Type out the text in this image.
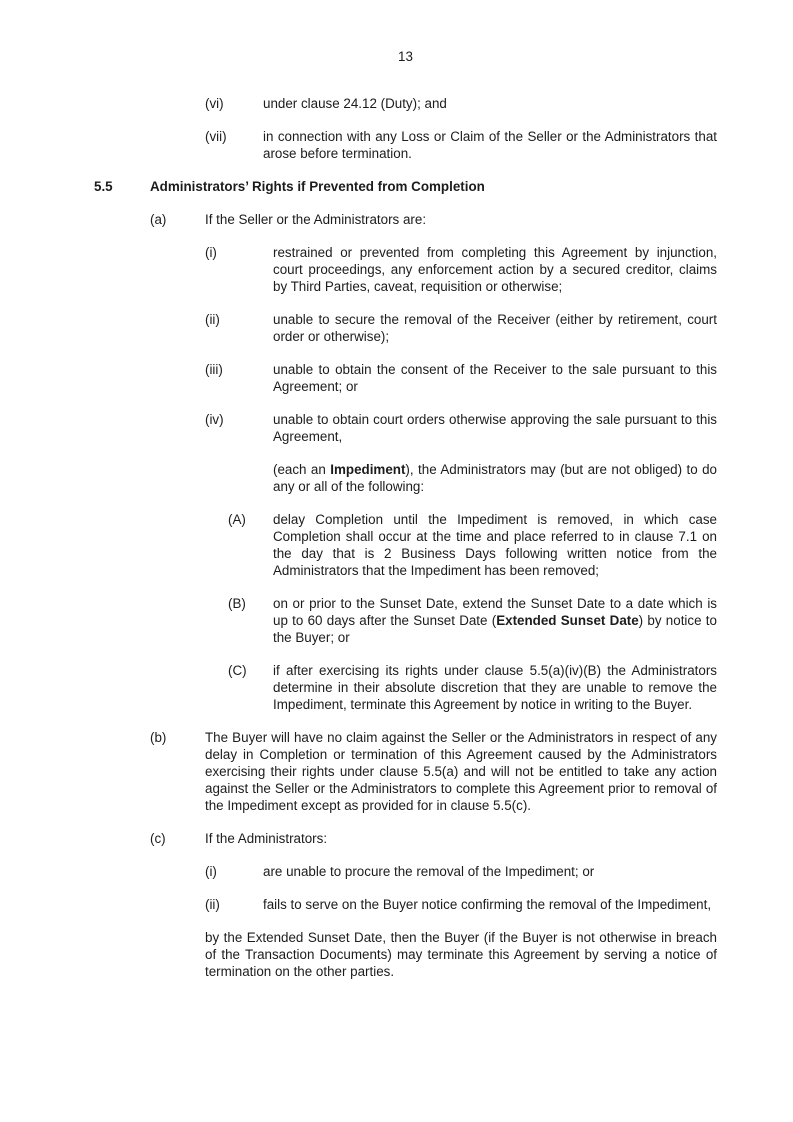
13
(vi)	under clause 24.12 (Duty); and

(vii)	in connection with any Loss or Claim of the Seller or the Administrators that arose before termination.

5.5	Administrators’ Rights if Prevented from Completion

(a)	If the Seller or the Administrators are:

(i)	restrained or prevented from completing this Agreement by injunction, court proceedings, any enforcement action by a secured creditor, claims by Third Parties, caveat, requisition or otherwise;

(ii)	unable to secure the removal of the Receiver (either by retirement, court order or otherwise);

(iii)	unable to obtain the consent of the Receiver to the sale pursuant to this Agreement; or

(iv)	unable to obtain court orders otherwise approving the sale pursuant to this Agreement,

(each an Impediment), the Administrators may (but are not obliged) to do any or all of the following:

(A) delay Completion until the Impediment is removed, in which case Completion shall occur at the time and place referred to in clause 7.1 on the day that is 2 Business Days following written notice from the Administrators that the Impediment has been removed;

(B) on or prior to the Sunset Date, extend the Sunset Date to a date which is up to 60 days after the Sunset Date (Extended Sunset Date) by notice to the Buyer; or

(C) if after exercising its rights under clause 5.5(a)(iv)(B) the Administrators determine in their absolute discretion that they are unable to remove the Impediment, terminate this Agreement by notice in writing to the Buyer.

(b)	The Buyer will have no claim against the Seller or the Administrators in respect of any delay in Completion or termination of this Agreement caused by the Administrators exercising their rights under clause 5.5(a) and will not be entitled to take any action against the Seller or the Administrators to complete this Agreement prior to removal of the Impediment except as provided for in clause 5.5(c).

(c)	If the Administrators:

(i)	are unable to procure the removal of the Impediment; or

(ii)	fails to serve on the Buyer notice confirming the removal of the Impediment,

by the Extended Sunset Date, then the Buyer (if the Buyer is not otherwise in breach of the Transaction Documents) may terminate this Agreement by serving a notice of termination on the other parties.
